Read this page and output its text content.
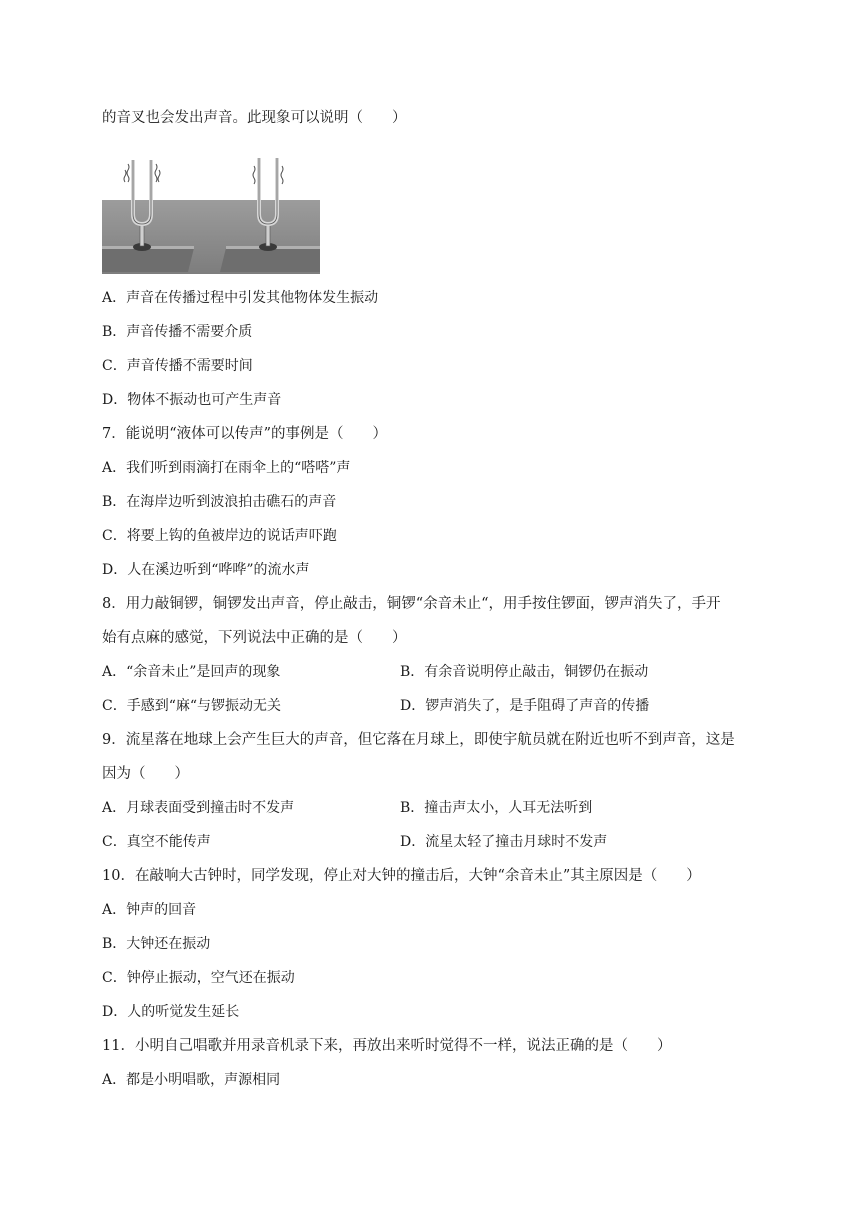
的音叉也会发出声音。此现象可以说明（　　）
A．声音在传播过程中引发其他物体发生振动
B．声音传播不需要介质
C．声音传播不需要时间
D．物体不振动也可产生声音
7．能说明“液体可以传声”的事例是（　　）
A．我们听到雨滴打在雨伞上的“嗒嗒”声
B．在海岸边听到波浪拍击礁石的声音
C．将要上钩的鱼被岸边的说话声吓跑
D．人在溪边听到“哗哗”的流水声
8．用力敲铜锣，铜锣发出声音，停止敲击，铜锣“余音未止“，用手按住锣面，锣声消失了，手开
始有点麻的感觉，下列说法中正确的是（　　）
A．“余音未止”是回声的现象	B．有余音说明停止敲击，铜锣仍在振动
C．手感到“麻“与锣振动无关	D．锣声消失了，是手阻碍了声音的传播
9．流星落在地球上会产生巨大的声音，但它落在月球上，即使宇航员就在附近也听不到声音，这是
因为（　　）
A．月球表面受到撞击时不发声	B．撞击声太小，人耳无法听到
C．真空不能传声	D．流星太轻了撞击月球时不发声
10．在敲响大古钟时，同学发现，停止对大钟的撞击后，大钟“余音未止”其主原因是（　　）
A．钟声的回音
B．大钟还在振动
C．钟停止振动，空气还在振动
D．人的听觉发生延长
11．小明自己唱歌并用录音机录下来，再放出来听时觉得不一样，说法正确的是（　　）
A．都是小明唱歌，声源相同
